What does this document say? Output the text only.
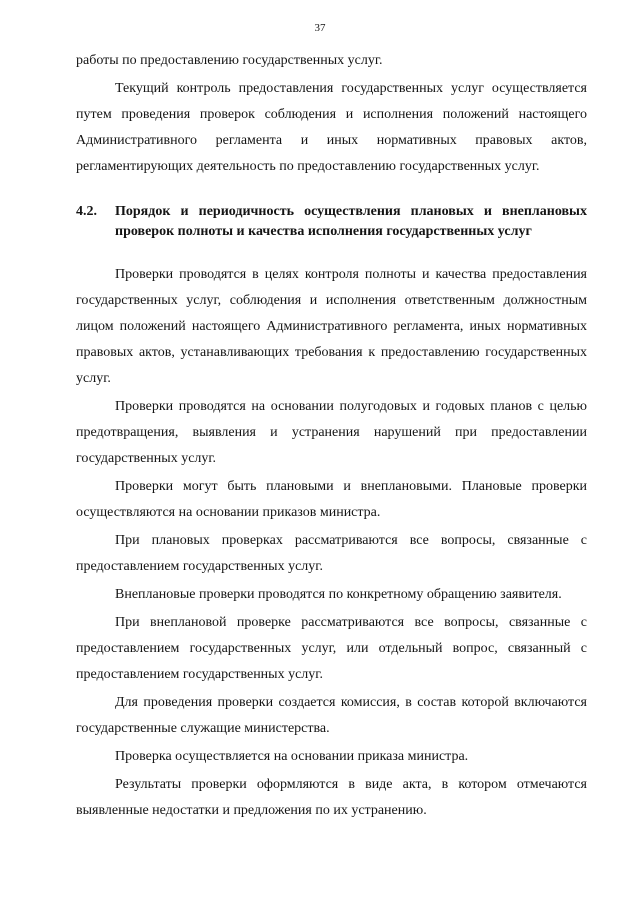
37

работы по предоставлению государственных услуг.

Текущий контроль предоставления государственных услуг осуществляется путем проведения проверок соблюдения и исполнения положений настоящего Административного регламента и иных нормативных правовых актов, регламентирующих деятельность по предоставлению государственных услуг.

4.2.	Порядок и периодичность осуществления плановых и внеплановых проверок полноты и качества исполнения государственных услуг

Проверки проводятся в целях контроля полноты и качества предоставления государственных услуг, соблюдения и исполнения ответственным должностным лицом положений настоящего Административного регламента, иных нормативных правовых актов, устанавливающих требования к предоставлению государственных услуг.

Проверки проводятся на основании полугодовых и годовых планов с целью предотвращения, выявления и устранения нарушений при предоставлении государственных услуг.

Проверки могут быть плановыми и внеплановыми. Плановые проверки осуществляются на основании приказов министра.

При плановых проверках рассматриваются все вопросы, связанные с предоставлением государственных услуг.

Внеплановые проверки проводятся по конкретному обращению заявителя.

При внеплановой проверке рассматриваются все вопросы, связанные с предоставлением государственных услуг, или отдельный вопрос, связанный с предоставлением государственных услуг.

Для проведения проверки создается комиссия, в состав которой включаются государственные служащие министерства.

Проверка осуществляется на основании приказа министра.

Результаты проверки оформляются в виде акта, в котором отмечаются выявленные недостатки и предложения по их устранению.
